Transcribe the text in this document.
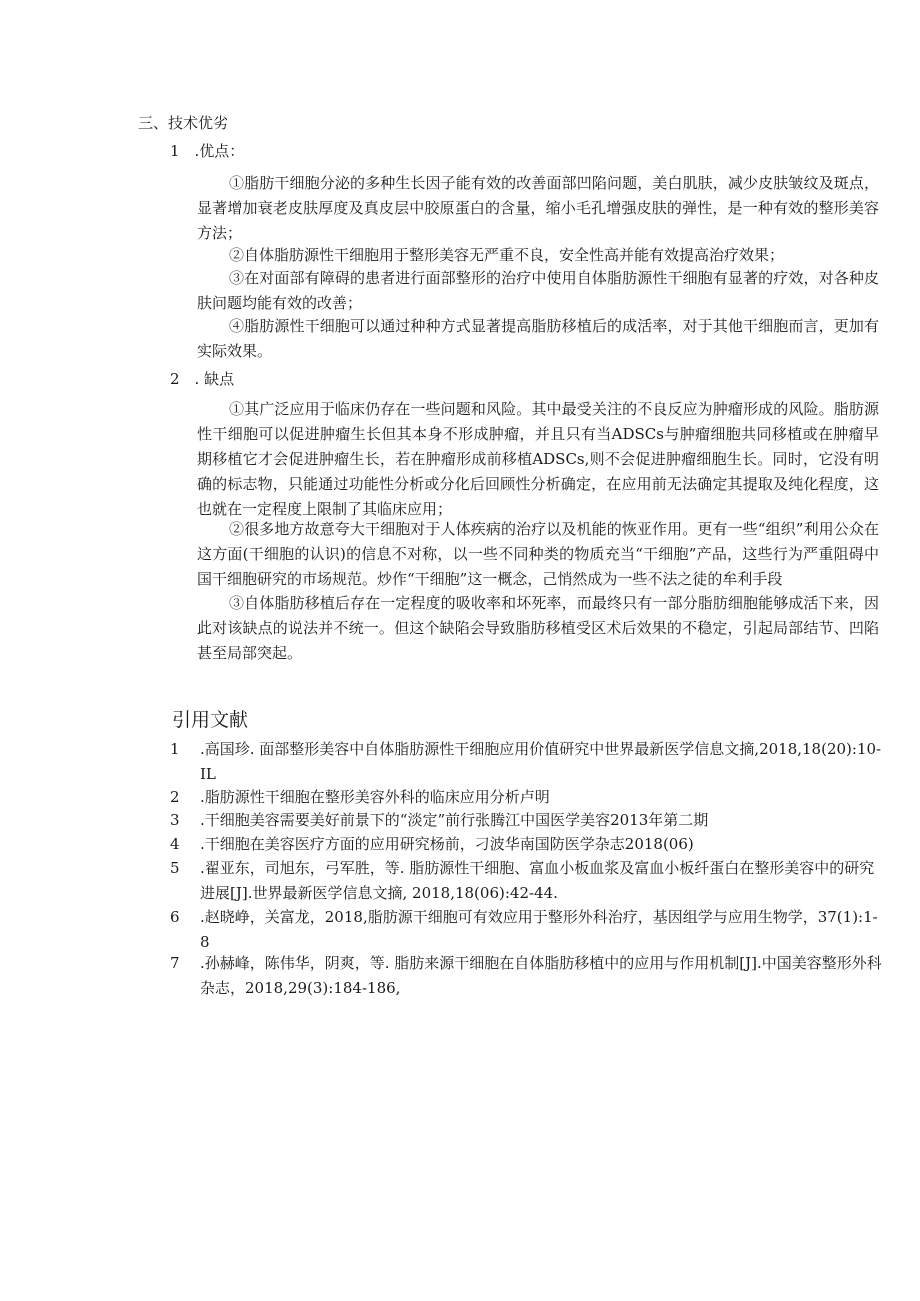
三、技术优劣
1　.优点：

①脂肪干细胞分泌的多种生长因子能有效的改善面部凹陷问题，美白肌肤，减少皮肤皱纹及斑点，显著增加衰老皮肤厚度及真皮层中胶原蛋白的含量，缩小毛孔增强皮肤的弹性，是一种有效的整形美容方法；

②自体脂肪源性干细胞用于整形美容无严重不良，安全性高并能有效提高治疗效果；

③在对面部有障碍的患者进行面部整形的治疗中使用自体脂肪源性干细胞有显著的疗效，对各种皮肤问题均能有效的改善；

④脂肪源性干细胞可以通过种种方式显著提高脂肪移植后的成活率，对于其他干细胞而言，更加有实际效果。

2　. 缺点

①其广泛应用于临床仍存在一些问题和风险。其中最受关注的不良反应为肿瘤形成的风险。脂肪源性干细胞可以促进肿瘤生长但其本身不形成肿瘤，并且只有当ADSCs与肿瘤细胞共同移植或在肿瘤早期移植它才会促进肿瘤生长，若在肿瘤形成前移植ADSCs,则不会促进肿瘤细胞生长。同时，它没有明确的标志物，只能通过功能性分析或分化后回顾性分析确定，在应用前无法确定其提取及纯化程度，这也就在一定程度上限制了其临床应用；

②很多地方故意夸大干细胞对于人体疾病的治疗以及机能的恢亚作用。更有一些“组织”利用公众在这方面(干细胞的认识)的信息不对称，以一些不同种类的物质充当“干细胞”产品，这些行为严重阻碍中国干细胞研究的市场规范。炒作“干细胞”这一概念，己悄然成为一些不法之徒的牟利手段

③自体脂肪移植后存在一定程度的吸收率和坏死率，而最终只有一部分脂肪细胞能够成活下来，因此对该缺点的说法并不统一。但这个缺陷会导致脂肪移植受区术后效果的不稳定，引起局部结节、凹陷甚至局部突起。

引用文献
1	.高国珍. 面部整形美容中自体脂肪源性干细胞应用价值研究中世界最新医学信息文摘,2018,18(20):10-IL
2	.脂肪源性干细胞在整形美容外科的临床应用分析卢明
3	.干细胞美容需要美好前景下的“淡定”前行张腾江中国医学美容2013年第二期
4	.干细胞在美容医疗方面的应用研究杨前，刁波华南国防医学杂志2018(06)
5	.翟亚东，司旭东，弓军胜，等. 脂肪源性干细胞、富血小板血浆及富血小板纤蛋白在整形美容中的研究进展[J].世界最新医学信息文摘, 2018,18(06):42-44.
6	.赵晓峥，关富龙，2018,脂肪源干细胞可有效应用于整形外科治疗，基因组学与应用生物学，37(1):1-8
7	.孙赫峰，陈伟华，阴爽，等. 脂肪来源干细胞在自体脂肪移植中的应用与作用机制[J].中国美容整形外科杂志，2018,29(3):184-186,
